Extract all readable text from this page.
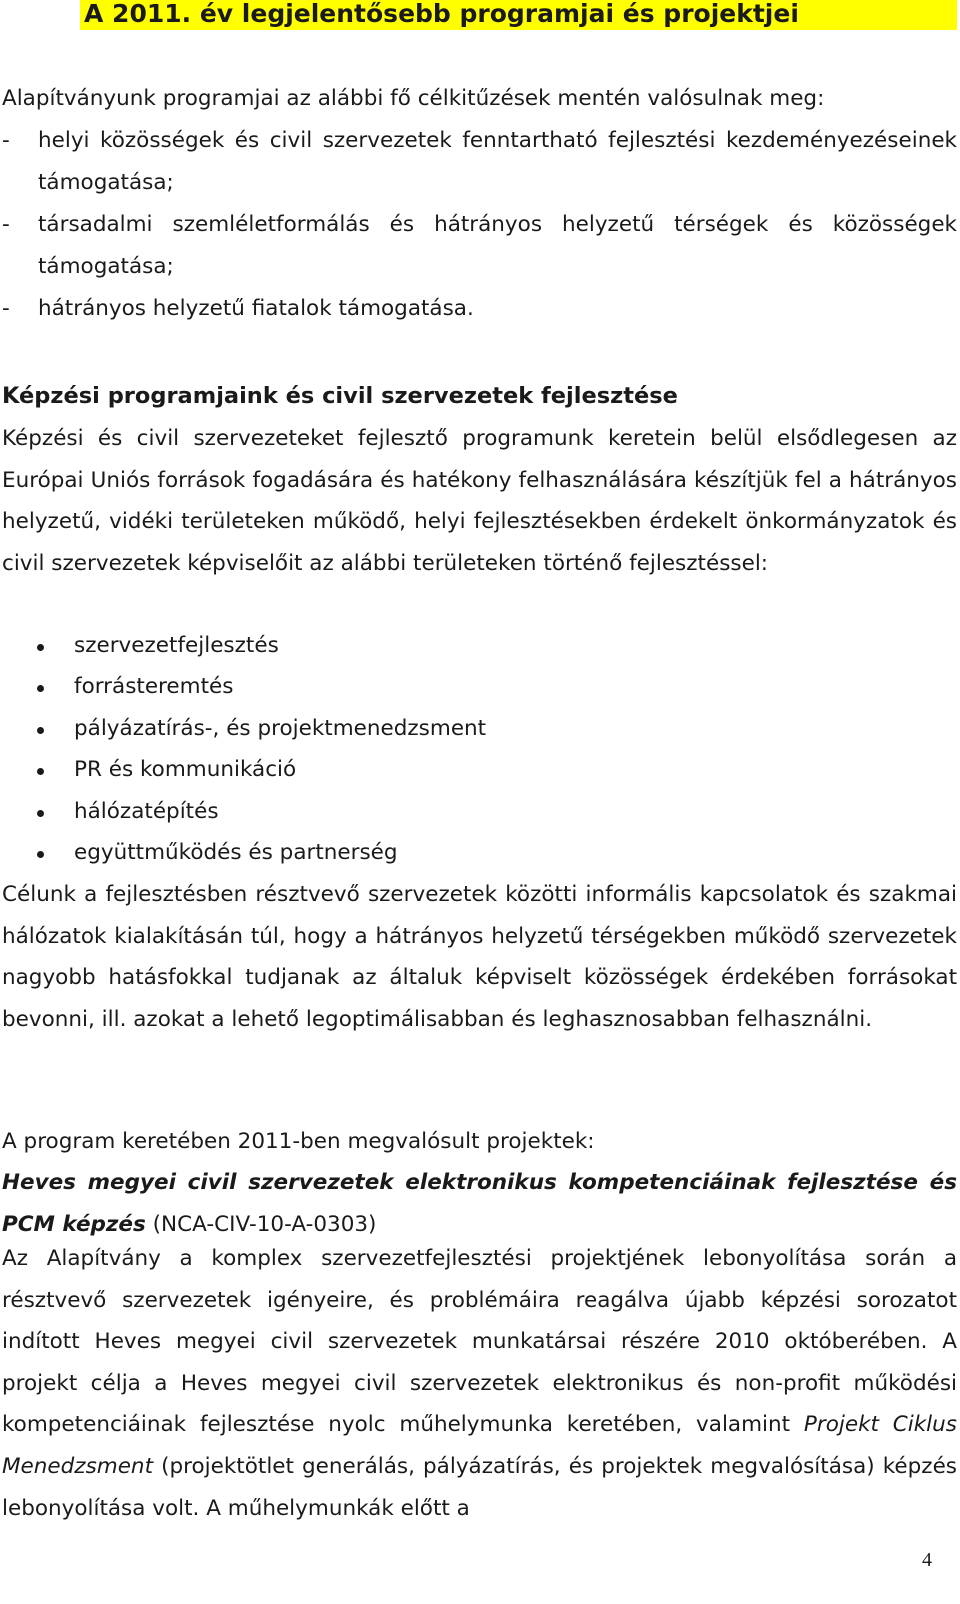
A 2011. év legjelentősebb programjai és projektjei
Alapítványunk programjai az alábbi fő célkitűzések mentén valósulnak meg:
- helyi közösségek és civil szervezetek fenntartható fejlesztési kezdeményezéseinek támogatása;
- társadalmi szemléletformálás és hátrányos helyzetű térségek és közösségek támogatása;
- hátrányos helyzetű fiatalok támogatása.
Képzési programjaink és civil szervezetek fejlesztése
Képzési és civil szervezeteket fejlesztő programunk keretein belül elsődlegesen az Európai Uniós források fogadására és hatékony felhasználására készítjük fel a hátrányos helyzetű, vidéki területeken működő, helyi fejlesztésekben érdekelt önkormányzatok és civil szervezetek képviselőit az alábbi területeken történő fejlesztéssel:
szervezetfejlesztés
forrásteremtés
pályázatírás-, és projektmenedzsment
PR és kommunikáció
hálózatépítés
együttműködés és partnerség
Célunk a fejlesztésben résztvevő szervezetek közötti informális kapcsolatok és szakmai hálózatok kialakításán túl, hogy a hátrányos helyzetű térségekben működő szervezetek nagyobb hatásfokkal tudjanak az általuk képviselt közösségek érdekében forrásokat bevonni, ill. azokat a lehető legoptimálisabban és leghasznosabban felhasználni.
A program keretében 2011-ben megvalósult projektek:
Heves megyei civil szervezetek elektronikus kompetenciáinak fejlesztése és PCM képzés (NCA-CIV-10-A-0303)
Az Alapítvány a komplex szervezetfejlesztési projektjének lebonyolítása során a résztvevő szervezetek igényeire, és problémáira reagálva újabb képzési sorozatot indított Heves megyei civil szervezetek munkatársai részére 2010 októberében. A projekt célja a Heves megyei civil szervezetek elektronikus és non-profit működési kompetenciáinak fejlesztése nyolc műhelymunka keretében, valamint Projekt Ciklus Menedzsment (projektötlet generálás, pályázatírás, és projektek megvalósítása) képzés lebonyolítása volt. A műhelymunkák előtt a
4
